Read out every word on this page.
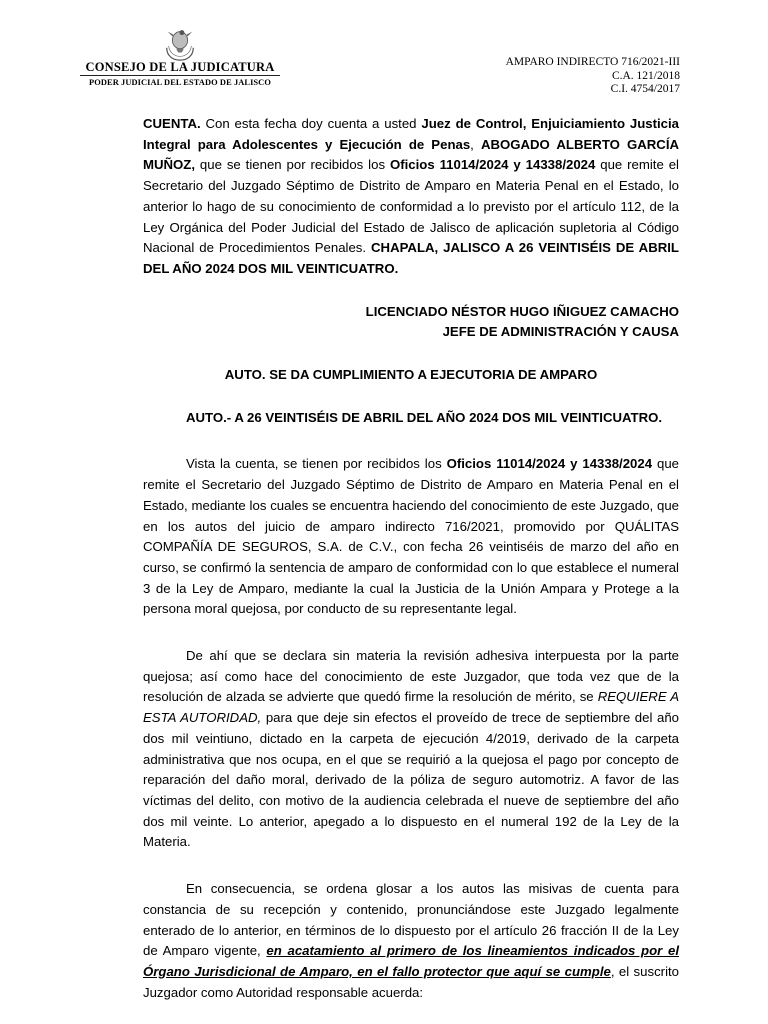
CONSEJO DE LA JUDICATURA
PODER JUDICIAL DEL ESTADO DE JALISCO
AMPARO INDIRECTO 716/2021-III
C.A. 121/2018
C.I. 4754/2017

CUENTA. Con esta fecha doy cuenta a usted Juez de Control, Enjuiciamiento Justicia Integral para Adolescentes y Ejecución de Penas, ABOGADO ALBERTO GARCÍA MUÑOZ, que se tienen por recibidos los Oficios 11014/2024 y 14338/2024 que remite el Secretario del Juzgado Séptimo de Distrito de Amparo en Materia Penal en el Estado, lo anterior lo hago de su conocimiento de conformidad a lo previsto por el artículo 112, de la Ley Orgánica del Poder Judicial del Estado de Jalisco de aplicación supletoria al Código Nacional de Procedimientos Penales. CHAPALA, JALISCO A 26 VEINTISÉIS DE ABRIL DEL AÑO 2024 DOS MIL VEINTICUATRO.

LICENCIADO NÉSTOR HUGO IÑIGUEZ CAMACHO

JEFE DE ADMINISTRACIÓN Y CAUSA

AUTO. SE DA CUMPLIMIENTO A EJECUTORIA DE AMPARO

AUTO.- A 26 VEINTISÉIS DE ABRIL DEL AÑO 2024 DOS MIL VEINTICUATRO.

Vista la cuenta, se tienen por recibidos los Oficios 11014/2024 y 14338/2024 que remite el Secretario del Juzgado Séptimo de Distrito de Amparo en Materia Penal en el Estado, mediante los cuales se encuentra haciendo del conocimiento de este Juzgado, que en los autos del juicio de amparo indirecto 716/2021, promovido por QUÁLITAS COMPAÑÍA DE SEGUROS, S.A. de C.V., con fecha 26 veintiséis de marzo del año en curso, se confirmó la sentencia de amparo de conformidad con lo que establece el numeral 3 de la Ley de Amparo, mediante la cual la Justicia de la Unión Ampara y Protege a la persona moral quejosa, por conducto de su representante legal.

De ahí que se declara sin materia la revisión adhesiva interpuesta por la parte quejosa; así como hace del conocimiento de este Juzgador, que toda vez que de la resolución de alzada se advierte que quedó firme la resolución de mérito, se REQUIERE A ESTA AUTORIDAD, para que deje sin efectos el proveído de trece de septiembre del año dos mil veintiuno, dictado en la carpeta de ejecución 4/2019, derivado de la carpeta administrativa que nos ocupa, en el que se requirió a la quejosa el pago por concepto de reparación del daño moral, derivado de la póliza de seguro automotriz. A favor de las víctimas del delito, con motivo de la audiencia celebrada el nueve de septiembre del año dos mil veinte. Lo anterior, apegado a lo dispuesto en el numeral 192 de la Ley de la Materia.

En consecuencia, se ordena glosar a los autos las misivas de cuenta para constancia de su recepción y contenido, pronunciándose este Juzgado legalmente enterado de lo anterior, en términos de lo dispuesto por el artículo 26 fracción II de la Ley de Amparo vigente, en acatamiento al primero de los lineamientos indicados por el Órgano Jurisdicional de Amparo, en el fallo protector que aquí se cumple, el suscrito Juzgador como Autoridad responsable acuerda:
